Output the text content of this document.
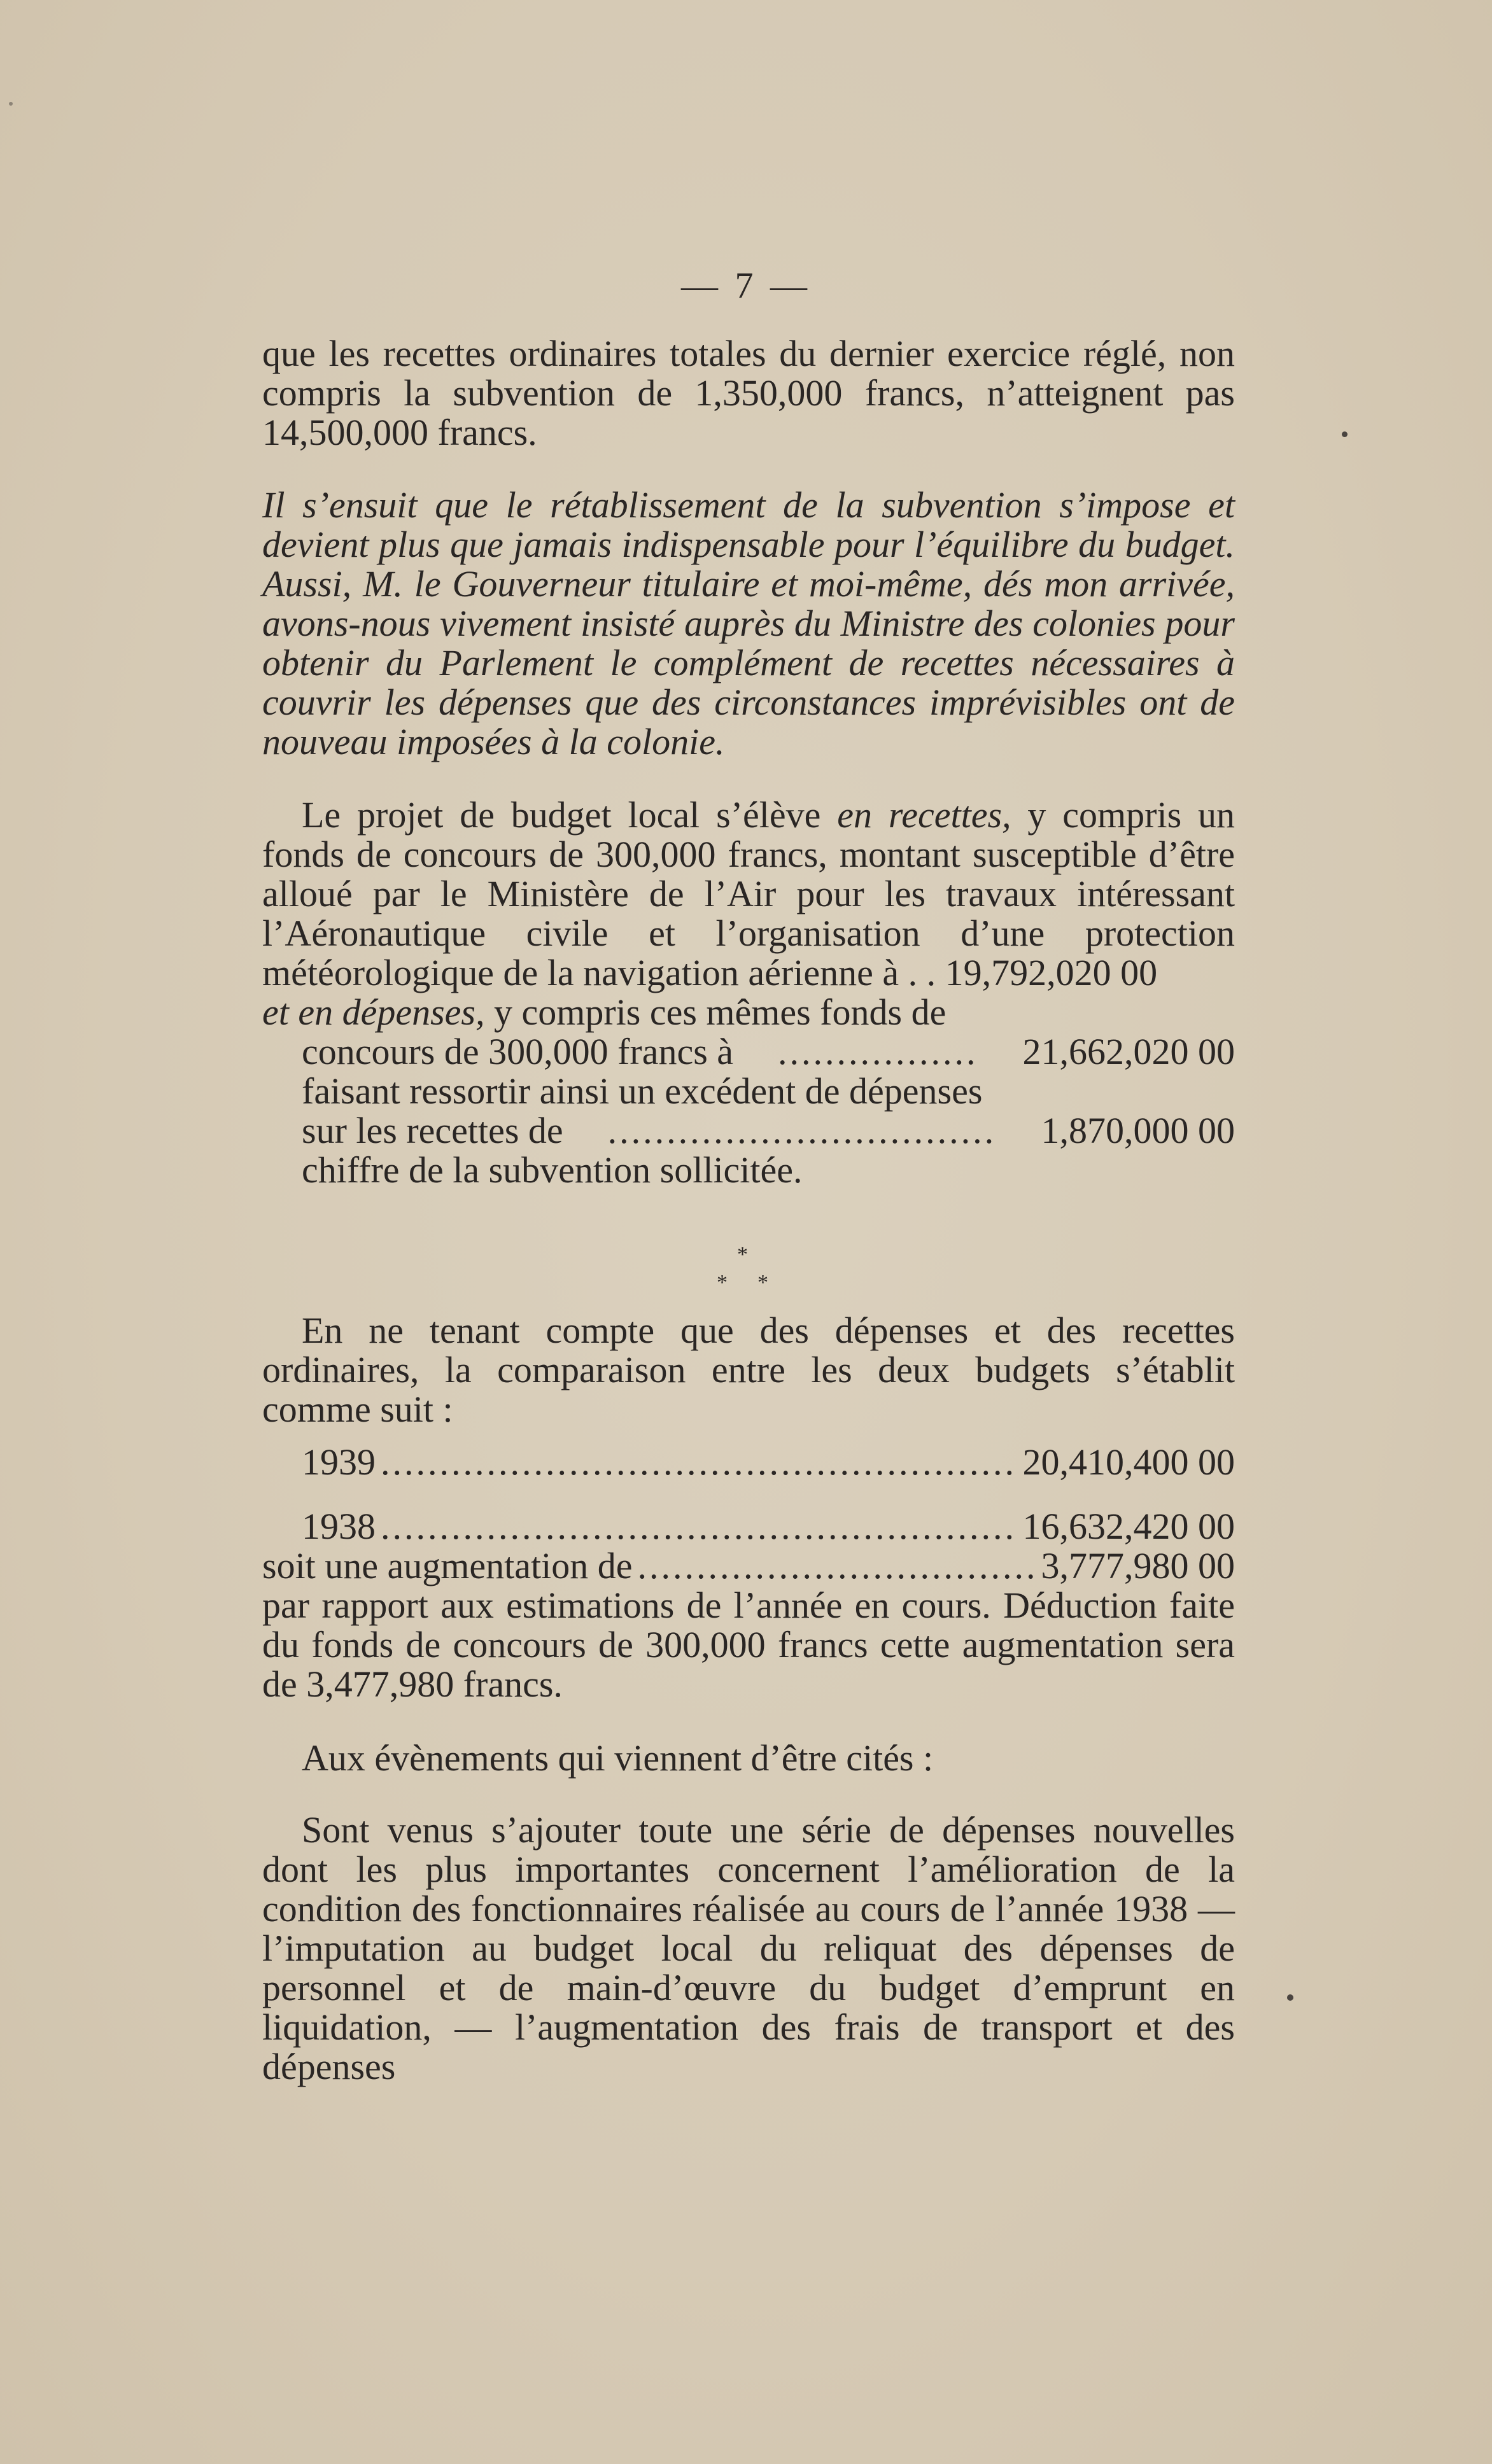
— 7 —
que les recettes ordinaires totales du dernier exercice réglé, non compris la subvention de 1,350,000 francs, n’atteignent pas 14,500,000 francs.
Il s’ensuit que le rétablissement de la subvention s’impose et devient plus que jamais indispensable pour l’équilibre du budget. Aussi, M. le Gouverneur titulaire et moi-même, dés mon arrivée, avons-nous vivement insisté auprès du Ministre des colonies pour obtenir du Parlement le complément de recettes nécessaires à couvrir les dépenses que des circonstances imprévisibles ont de nouveau imposées à la colonie.
Le projet de budget local s’élève en recettes, y compris un fonds de concours de 300,000 francs, montant susceptible d’être alloué par le Ministère de l’Air pour les travaux intéressant l’Aéronautique civile et l’organisation d’une protection météorologique de la navigation aérienne à . . 19,792,020 00
et en dépenses, y compris ces mêmes fonds de
concours de 300,000 francs à .....	21,662,020 00
faisant ressortir ainsi un excédent de dépenses
sur les recettes de .....	1,870,000 00
chiffre de la subvention sollicitée.
*
* *
En ne tenant compte que des dépenses et des recettes ordinaires, la comparaison entre les deux budgets s’établit comme suit :
1939 .....	20,410,400 00
1938 .....	16,632,420 00
soit une augmentation de .....	3,777,980 00
par rapport aux estimations de l’année en cours. Déduction faite du fonds de concours de 300,000 francs cette augmentation sera de 3,477,980 francs.
Aux évènements qui viennent d’être cités :
Sont venus s’ajouter toute une série de dépenses nouvelles dont les plus importantes concernent l’amélioration de la condition des fonctionnaires réalisée au cours de l’année 1938 — l’imputation au budget local du reliquat des dépenses de personnel et de main-d’œuvre du budget d’emprunt en liquidation, — l’augmentation des frais de transport et des dépenses
